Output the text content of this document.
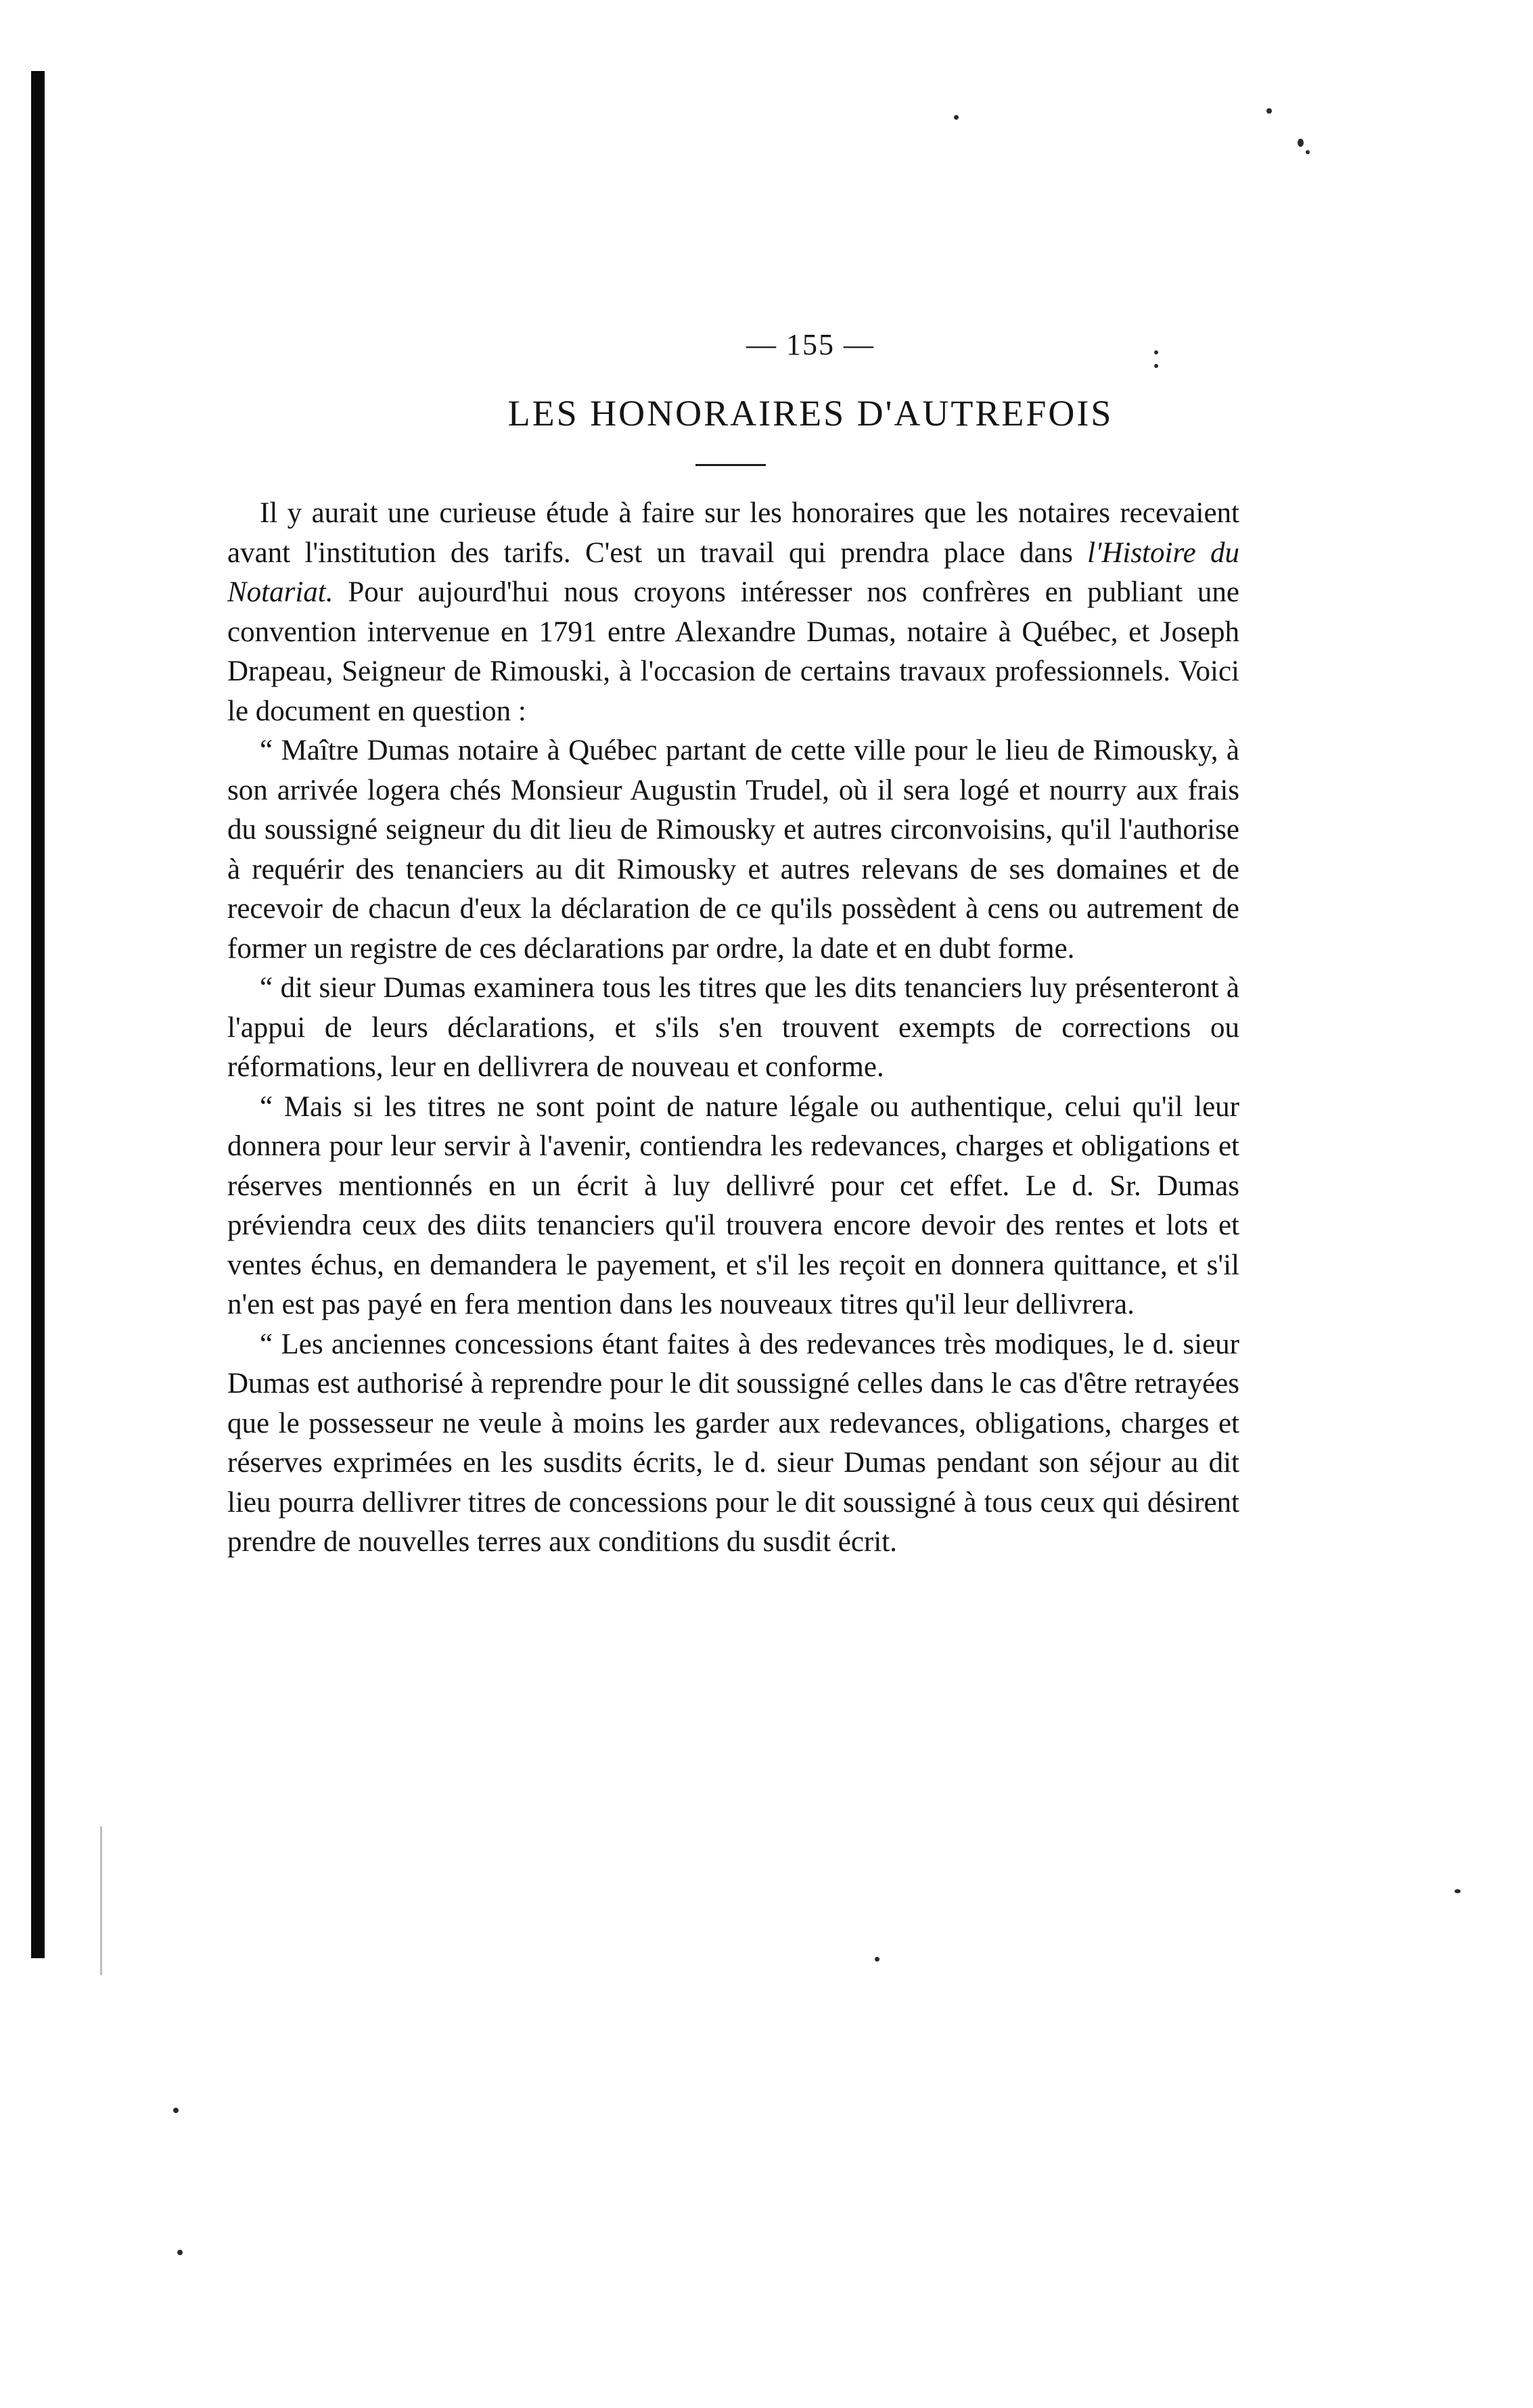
— 155 —
LES HONORAIRES D'AUTREFOIS

Il y aurait une curieuse étude à faire sur les honoraires que les notaires recevaient avant l'institution des tarifs. C'est un travail qui prendra place dans l'Histoire du Notariat. Pour aujourd'hui nous croyons intéresser nos confrères en publiant une convention intervenue en 1791 entre Alexandre Dumas, notaire à Québec, et Joseph Drapeau, Seigneur de Rimouski, à l'occasion de certains travaux professionnels. Voici le document en question :

“ Maître Dumas notaire à Québec partant de cette ville pour le lieu de Rimousky, à son arrivée logera chés Monsieur Augustin Trudel, où il sera logé et nourry aux frais du soussigné seigneur du dit lieu de Rimousky et autres circonvoisins, qu'il l'authorise à requérir des tenanciers au dit Rimousky et autres relevans de ses domaines et de recevoir de chacun d'eux la déclaration de ce qu'ils possèdent à cens ou autrement de former un registre de ces déclarations par ordre, la date et en dubt forme.

“ dit sieur Dumas examinera tous les titres que les dits tenanciers luy présenteront à l'appui de leurs déclarations, et s'ils s'en trouvent exempts de corrections ou réformations, leur en dellivrera de nouveau et conforme.

“ Mais si les titres ne sont point de nature légale ou authentique, celui qu'il leur donnera pour leur servir à l'avenir, contiendra les redevances, charges et obligations et réserves mentionnés en un écrit à luy dellivré pour cet effet. Le d. Sr. Dumas préviendra ceux des diits tenanciers qu'il trouvera encore devoir des rentes et lots et ventes échus, en demandera le payement, et s'il les reçoit en donnera quittance, et s'il n'en est pas payé en fera mention dans les nouveaux titres qu'il leur dellivrera.

“ Les anciennes concessions étant faites à des redevances très modiques, le d. sieur Dumas est authorisé à reprendre pour le dit soussigné celles dans le cas d'être retrayées que le possesseur ne veule à moins les garder aux redevances, obligations, charges et réserves exprimées en les susdits écrits, le d. sieur Dumas pendant son séjour au dit lieu pourra dellivrer titres de concessions pour le dit soussigné à tous ceux qui désirent prendre de nouvelles terres aux conditions du susdit écrit.
